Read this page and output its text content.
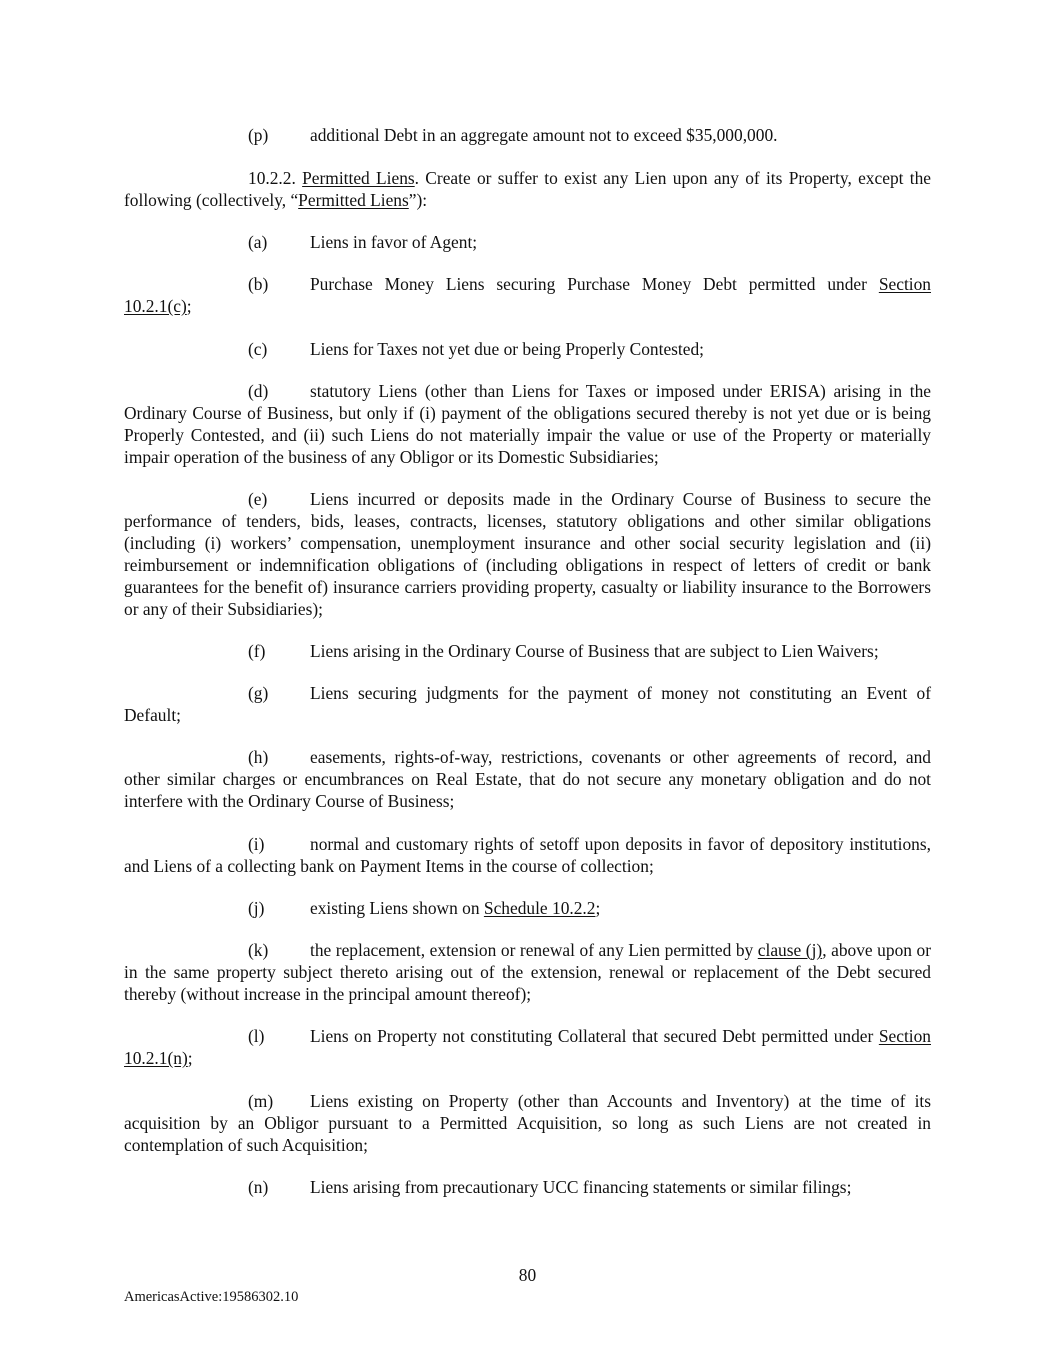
(p) additional Debt in an aggregate amount not to exceed $35,000,000.

10.2.2. Permitted Liens. Create or suffer to exist any Lien upon any of its Property, except the following (collectively, “Permitted Liens”):

(a) Liens in favor of Agent;

(b) Purchase Money Liens securing Purchase Money Debt permitted under Section 10.2.1(c);

(c) Liens for Taxes not yet due or being Properly Contested;

(d) statutory Liens (other than Liens for Taxes or imposed under ERISA) arising in the Ordinary Course of Business, but only if (i) payment of the obligations secured thereby is not yet due or is being Properly Contested, and (ii) such Liens do not materially impair the value or use of the Property or materially impair operation of the business of any Obligor or its Domestic Subsidiaries;

(e) Liens incurred or deposits made in the Ordinary Course of Business to secure the performance of tenders, bids, leases, contracts, licenses, statutory obligations and other similar obligations (including (i) workers’ compensation, unemployment insurance and other social security legislation and (ii) reimbursement or indemnification obligations of (including obligations in respect of letters of credit or bank guarantees for the benefit of) insurance carriers providing property, casualty or liability insurance to the Borrowers or any of their Subsidiaries);

(f)	Liens arising in the Ordinary Course of Business that are subject to Lien Waivers;

(g) Liens securing judgments for the payment of money not constituting an Event of Default;

(h) easements, rights-of-way, restrictions, covenants or other agreements of record, and other similar charges or encumbrances on Real Estate, that do not secure any monetary obligation and do not interfere with the Ordinary Course of Business;

(i)	normal and customary rights of setoff upon deposits in favor of depository institutions, and Liens of a collecting bank on Payment Items in the course of collection;

(j)	existing Liens shown on Schedule 10.2.2;

(k) the replacement, extension or renewal of any Lien permitted by clause (j), above upon or in the same property subject thereto arising out of the extension, renewal or replacement of the Debt secured thereby (without increase in the principal amount thereof);

(l)	Liens on Property not constituting Collateral that secured Debt permitted under Section 10.2.1(n);

(m) Liens existing on Property (other than Accounts and Inventory) at the time of its acquisition by an Obligor pursuant to a Permitted Acquisition, so long as such Liens are not created in contemplation of such Acquisition;

(n) Liens arising from precautionary UCC financing statements or similar filings;

80
AmericasActive:19586302.10
